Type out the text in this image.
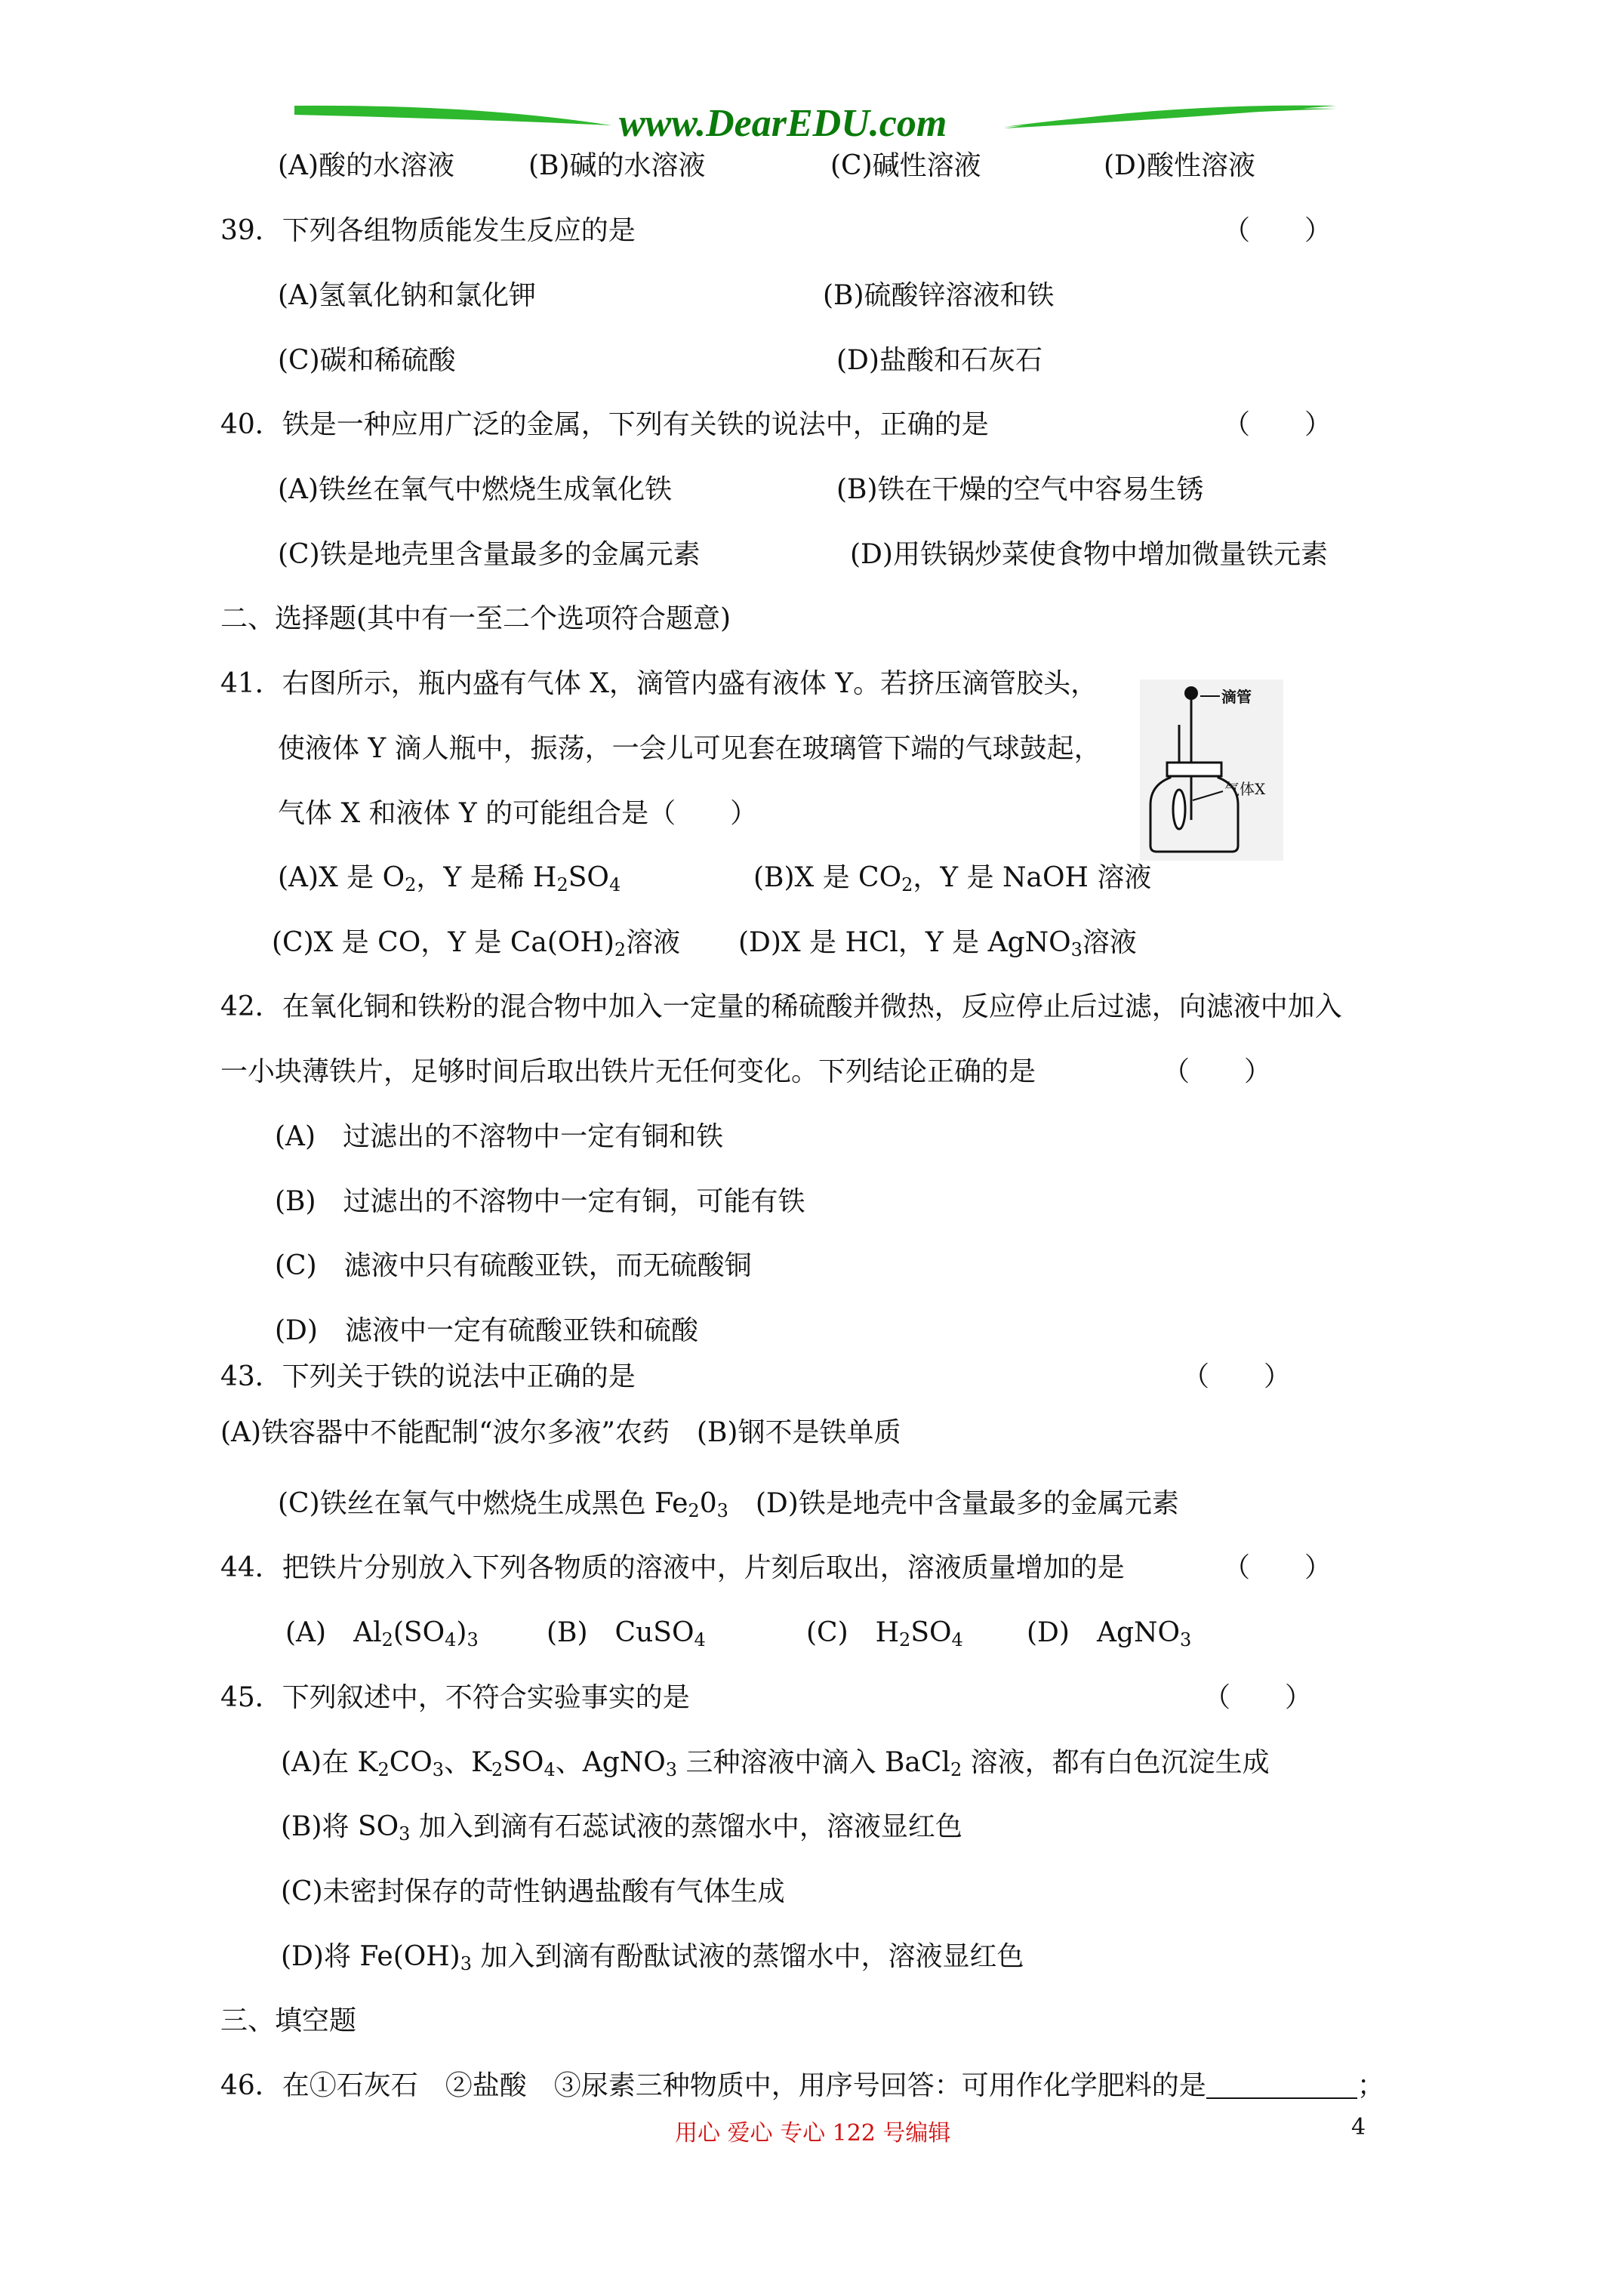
www.DearEDU.com
(A)酸的水溶液	(B)碱的水溶液	(C)碱性溶液	(D)酸性溶液
39．下列各组物质能发生反应的是	（　　）
(A)氢氧化钠和氯化钾	(B)硫酸锌溶液和铁
(C)碳和稀硫酸	(D)盐酸和石灰石
40．铁是一种应用广泛的金属，下列有关铁的说法中，正确的是	（　　）
(A)铁丝在氧气中燃烧生成氧化铁	(B)铁在干燥的空气中容易生锈
(C)铁是地壳里含量最多的金属元素	(D)用铁锅炒菜使食物中增加微量铁元素
二、选择题(其中有一至二个选项符合题意)
41．右图所示，瓶内盛有气体 X，滴管内盛有液体 Y。若挤压滴管胶头，
使液体 Y 滴人瓶中，振荡，一会儿可见套在玻璃管下端的气球鼓起，
气体 X 和液体 Y 的可能组合是（　　）
滴管
气体X
(A)X 是 $O_2$，Y 是稀 $H_2SO_4$	(B)X 是 $CO_2$，Y 是 NaOH 溶液
(C)X 是 CO，Y 是 $Ca(OH)_2$溶液 (D)X 是 HCl，Y 是 AgNO$_3$溶液
42．在氧化铜和铁粉的混合物中加入一定量的稀硫酸并微热，反应停止后过滤，向滤液中加入
一小块薄铁片，足够时间后取出铁片无任何变化。下列结论正确的是	（　　）
(A)　过滤出的不溶物中一定有铜和铁
(B)　过滤出的不溶物中一定有铜，可能有铁
(C)　滤液中只有硫酸亚铁，而无硫酸铜
(D)　滤液中一定有硫酸亚铁和硫酸
43．下列关于铁的说法中正确的是	（　　）
(A)铁容器中不能配制“波尔多液”农药　(B)钢不是铁单质
(C)铁丝在氧气中燃烧生成黑色 $Fe_20_3$　 (D)铁是地壳中含量最多的金属元素
44．把铁片分别放入下列各物质的溶液中，片刻后取出，溶液质量增加的是	（　　）
(A)　$Al_2(SO_4)_3$	(B)　CuSO$_4$	(C)　$H_2SO_4$ (D)　AgNO$_3$
45．下列叙述中，不符合实验事实的是	（　　）
(A)在 $K_2CO_3$、$K_2SO_4$、AgNO$_3$ 三种溶液中滴入 BaCl$_2$ 溶液，都有白色沉淀生成
(B)将 $SO_3$ 加入到滴有石蕊试液的蒸馏水中，溶液显红色
(C)未密封保存的苛性钠遇盐酸有气体生成
(D)将 $Fe(OH)_3$ 加入到滴有酚酞试液的蒸馏水中，溶液显红色
三、填空题
46．在①石灰石　②盐酸　③尿素三种物质中，用序号回答：可用作化学肥料的是	；
用心 爱心 专心 122 号编辑	4
